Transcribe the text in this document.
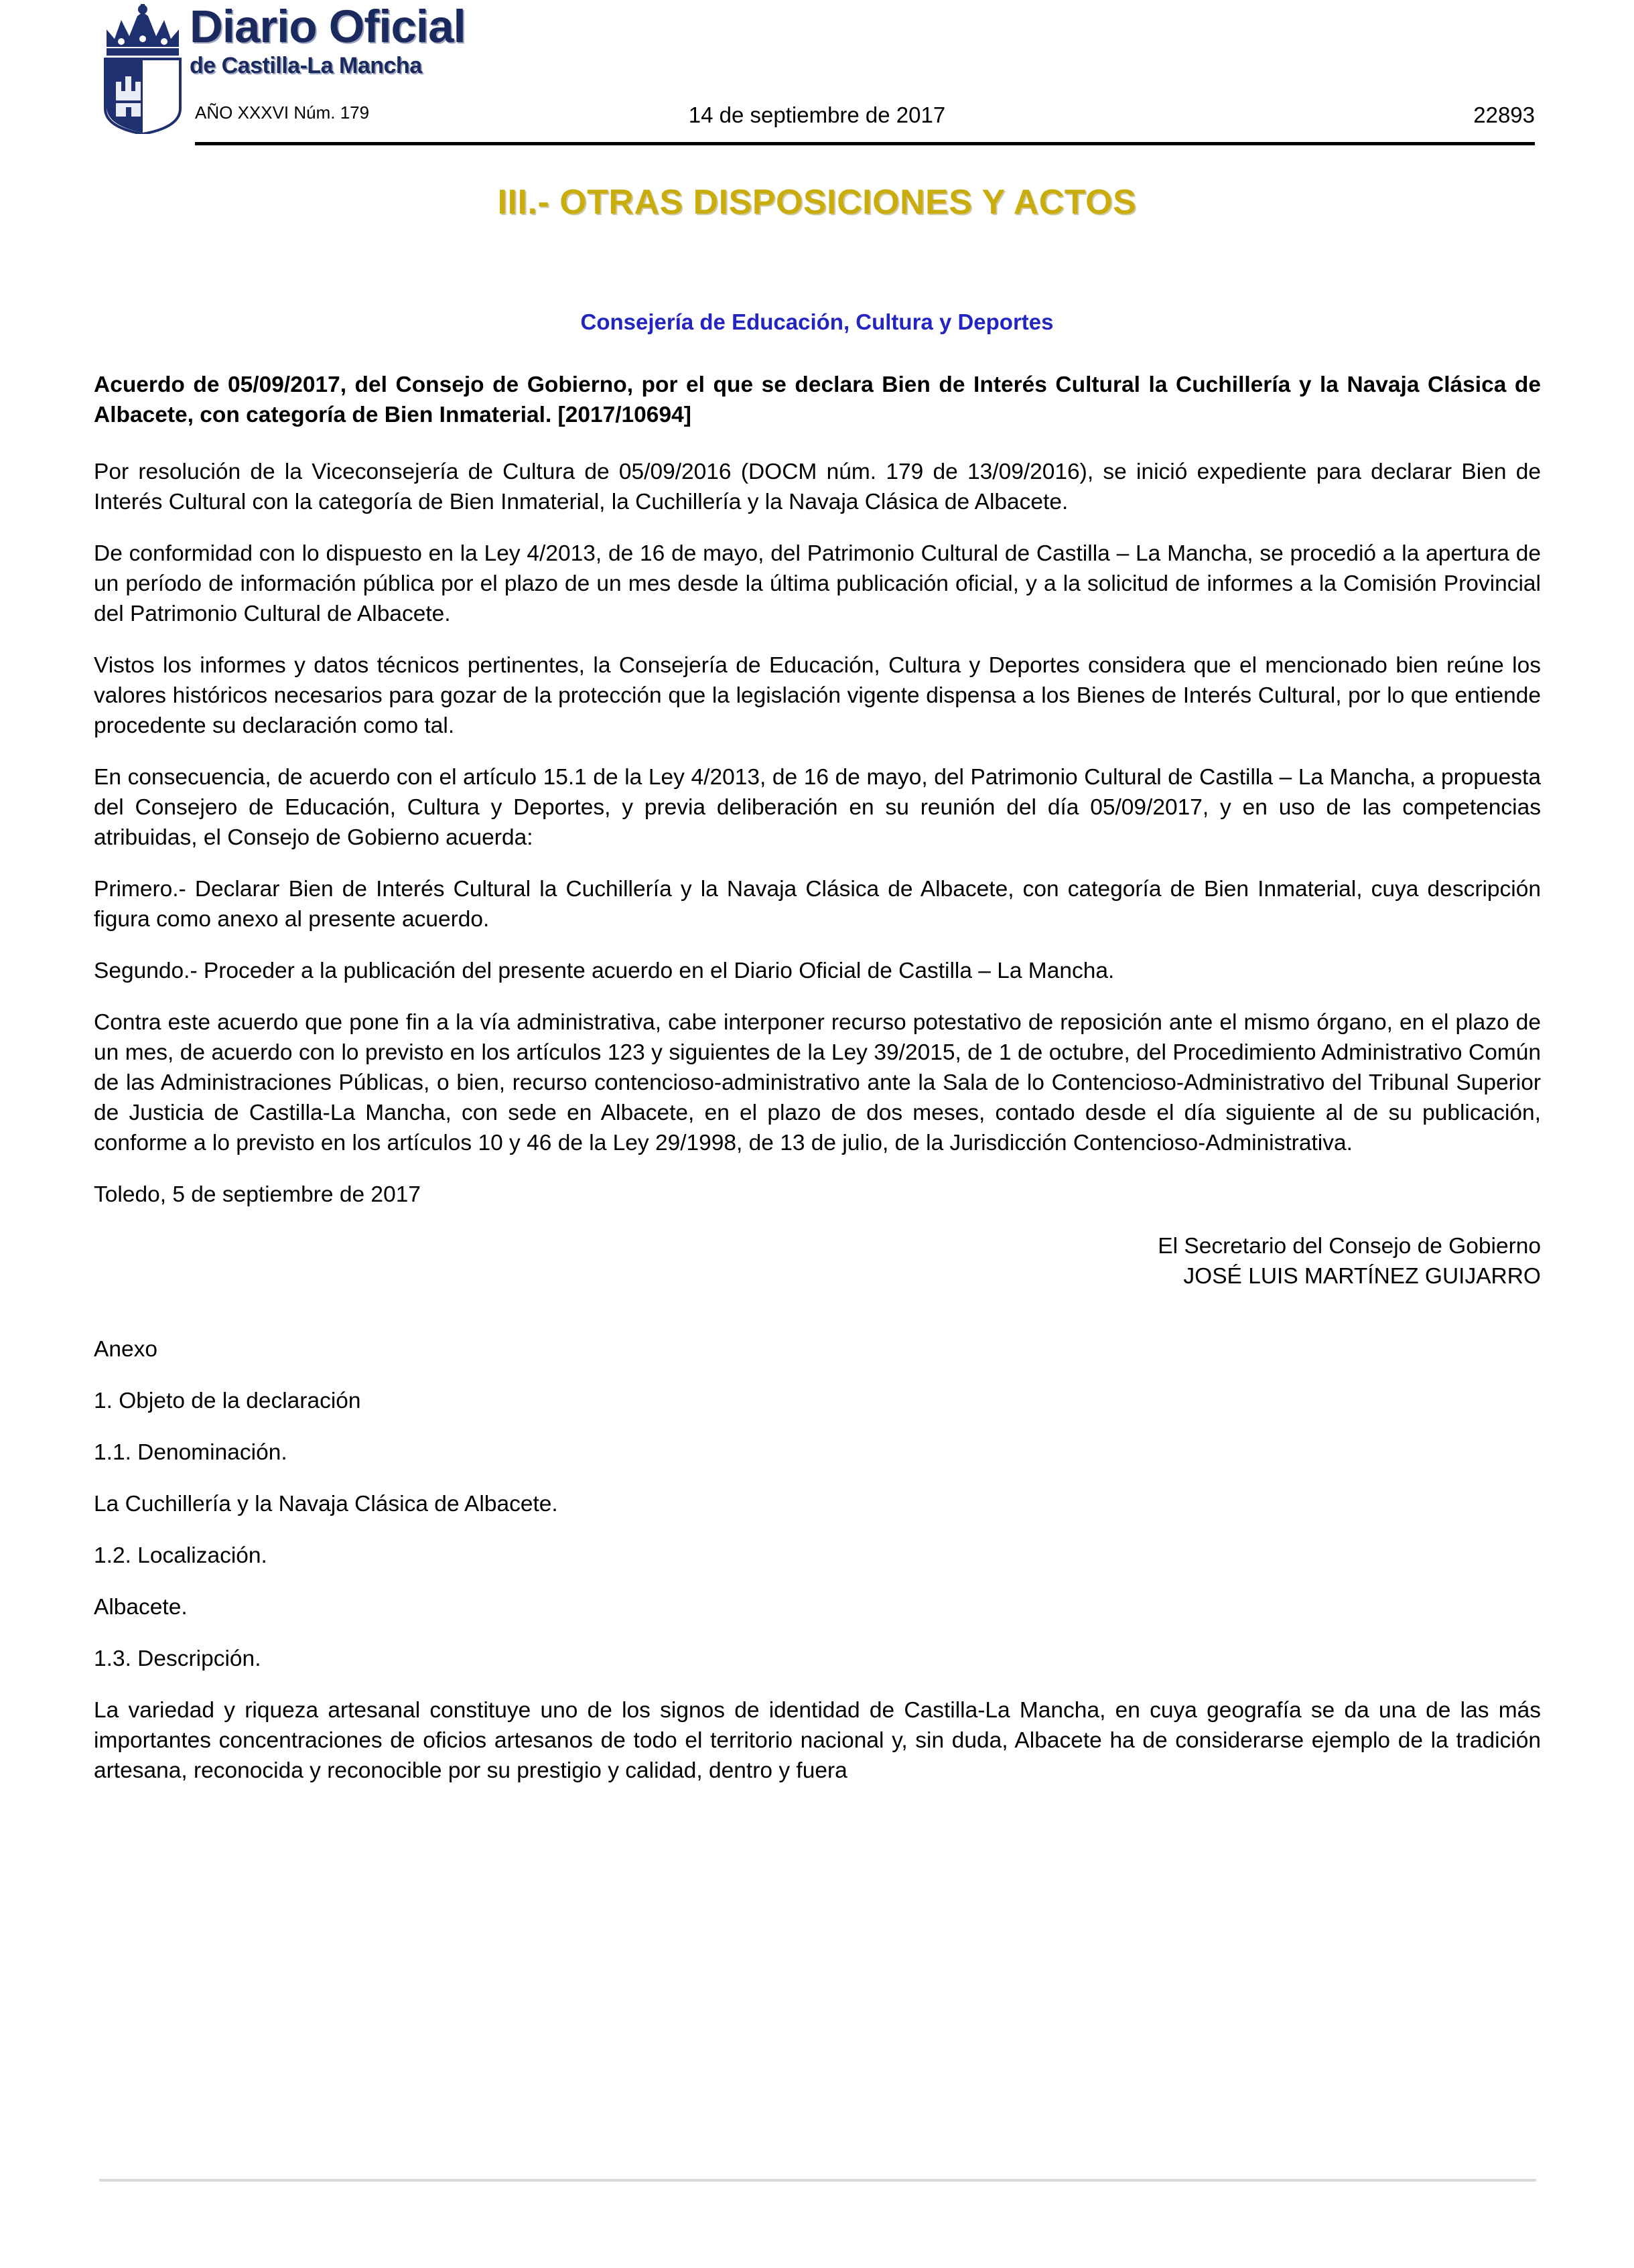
Diario Oficial
de Castilla-La Mancha
AÑO XXXVI Núm. 179	14 de septiembre de 2017	22893
III.- OTRAS DISPOSICIONES Y ACTOS
Consejería de Educación, Cultura y Deportes

Acuerdo de 05/09/2017, del Consejo de Gobierno, por el que se declara Bien de Interés Cultural la Cuchillería y la Navaja Clásica de Albacete, con categoría de Bien Inmaterial. [2017/10694]

Por resolución de la Viceconsejería de Cultura de 05/09/2016 (DOCM núm. 179 de 13/09/2016), se inició expediente para declarar Bien de Interés Cultural con la categoría de Bien Inmaterial, la Cuchillería y la Navaja Clásica de Albacete.

De conformidad con lo dispuesto en la Ley 4/2013, de 16 de mayo, del Patrimonio Cultural de Castilla – La Mancha, se procedió a la apertura de un período de información pública por el plazo de un mes desde la última publicación oficial, y a la solicitud de informes a la Comisión Provincial del Patrimonio Cultural de Albacete.

Vistos los informes y datos técnicos pertinentes, la Consejería de Educación, Cultura y Deportes considera que el mencionado bien reúne los valores históricos necesarios para gozar de la protección que la legislación vigente dispensa a los Bienes de Interés Cultural, por lo que entiende procedente su declaración como tal.

En consecuencia, de acuerdo con el artículo 15.1 de la Ley 4/2013, de 16 de mayo, del Patrimonio Cultural de Castilla – La Mancha, a propuesta del Consejero de Educación, Cultura y Deportes, y previa deliberación en su reunión del día 05/09/2017, y en uso de las competencias atribuidas, el Consejo de Gobierno acuerda:

Primero.- Declarar Bien de Interés Cultural la Cuchillería y la Navaja Clásica de Albacete, con categoría de Bien Inmaterial, cuya descripción figura como anexo al presente acuerdo.

Segundo.- Proceder a la publicación del presente acuerdo en el Diario Oficial de Castilla – La Mancha.

Contra este acuerdo que pone fin a la vía administrativa, cabe interponer recurso potestativo de reposición ante el mismo órgano, en el plazo de un mes, de acuerdo con lo previsto en los artículos 123 y siguientes de la Ley 39/2015, de 1 de octubre, del Procedimiento Administrativo Común de las Administraciones Públicas, o bien, recurso contencioso-administrativo ante la Sala de lo Contencioso-Administrativo del Tribunal Superior de Justicia de Castilla-La Mancha, con sede en Albacete, en el plazo de dos meses, contado desde el día siguiente al de su publicación, conforme a lo previsto en los artículos 10 y 46 de la Ley 29/1998, de 13 de julio, de la Jurisdicción Contencioso-Administrativa.

Toledo, 5 de septiembre de 2017

El Secretario del Consejo de Gobierno
JOSÉ LUIS MARTÍNEZ GUIJARRO

Anexo

1. Objeto de la declaración

1.1. Denominación.

La Cuchillería y la Navaja Clásica de Albacete.

1.2. Localización.

Albacete.

1.3. Descripción.

La variedad y riqueza artesanal constituye uno de los signos de identidad de Castilla-La Mancha, en cuya geografía se da una de las más importantes concentraciones de oficios artesanos de todo el territorio nacional y, sin duda, Albacete ha de considerarse ejemplo de la tradición artesana, reconocida y reconocible por su prestigio y calidad, dentro y fuera
